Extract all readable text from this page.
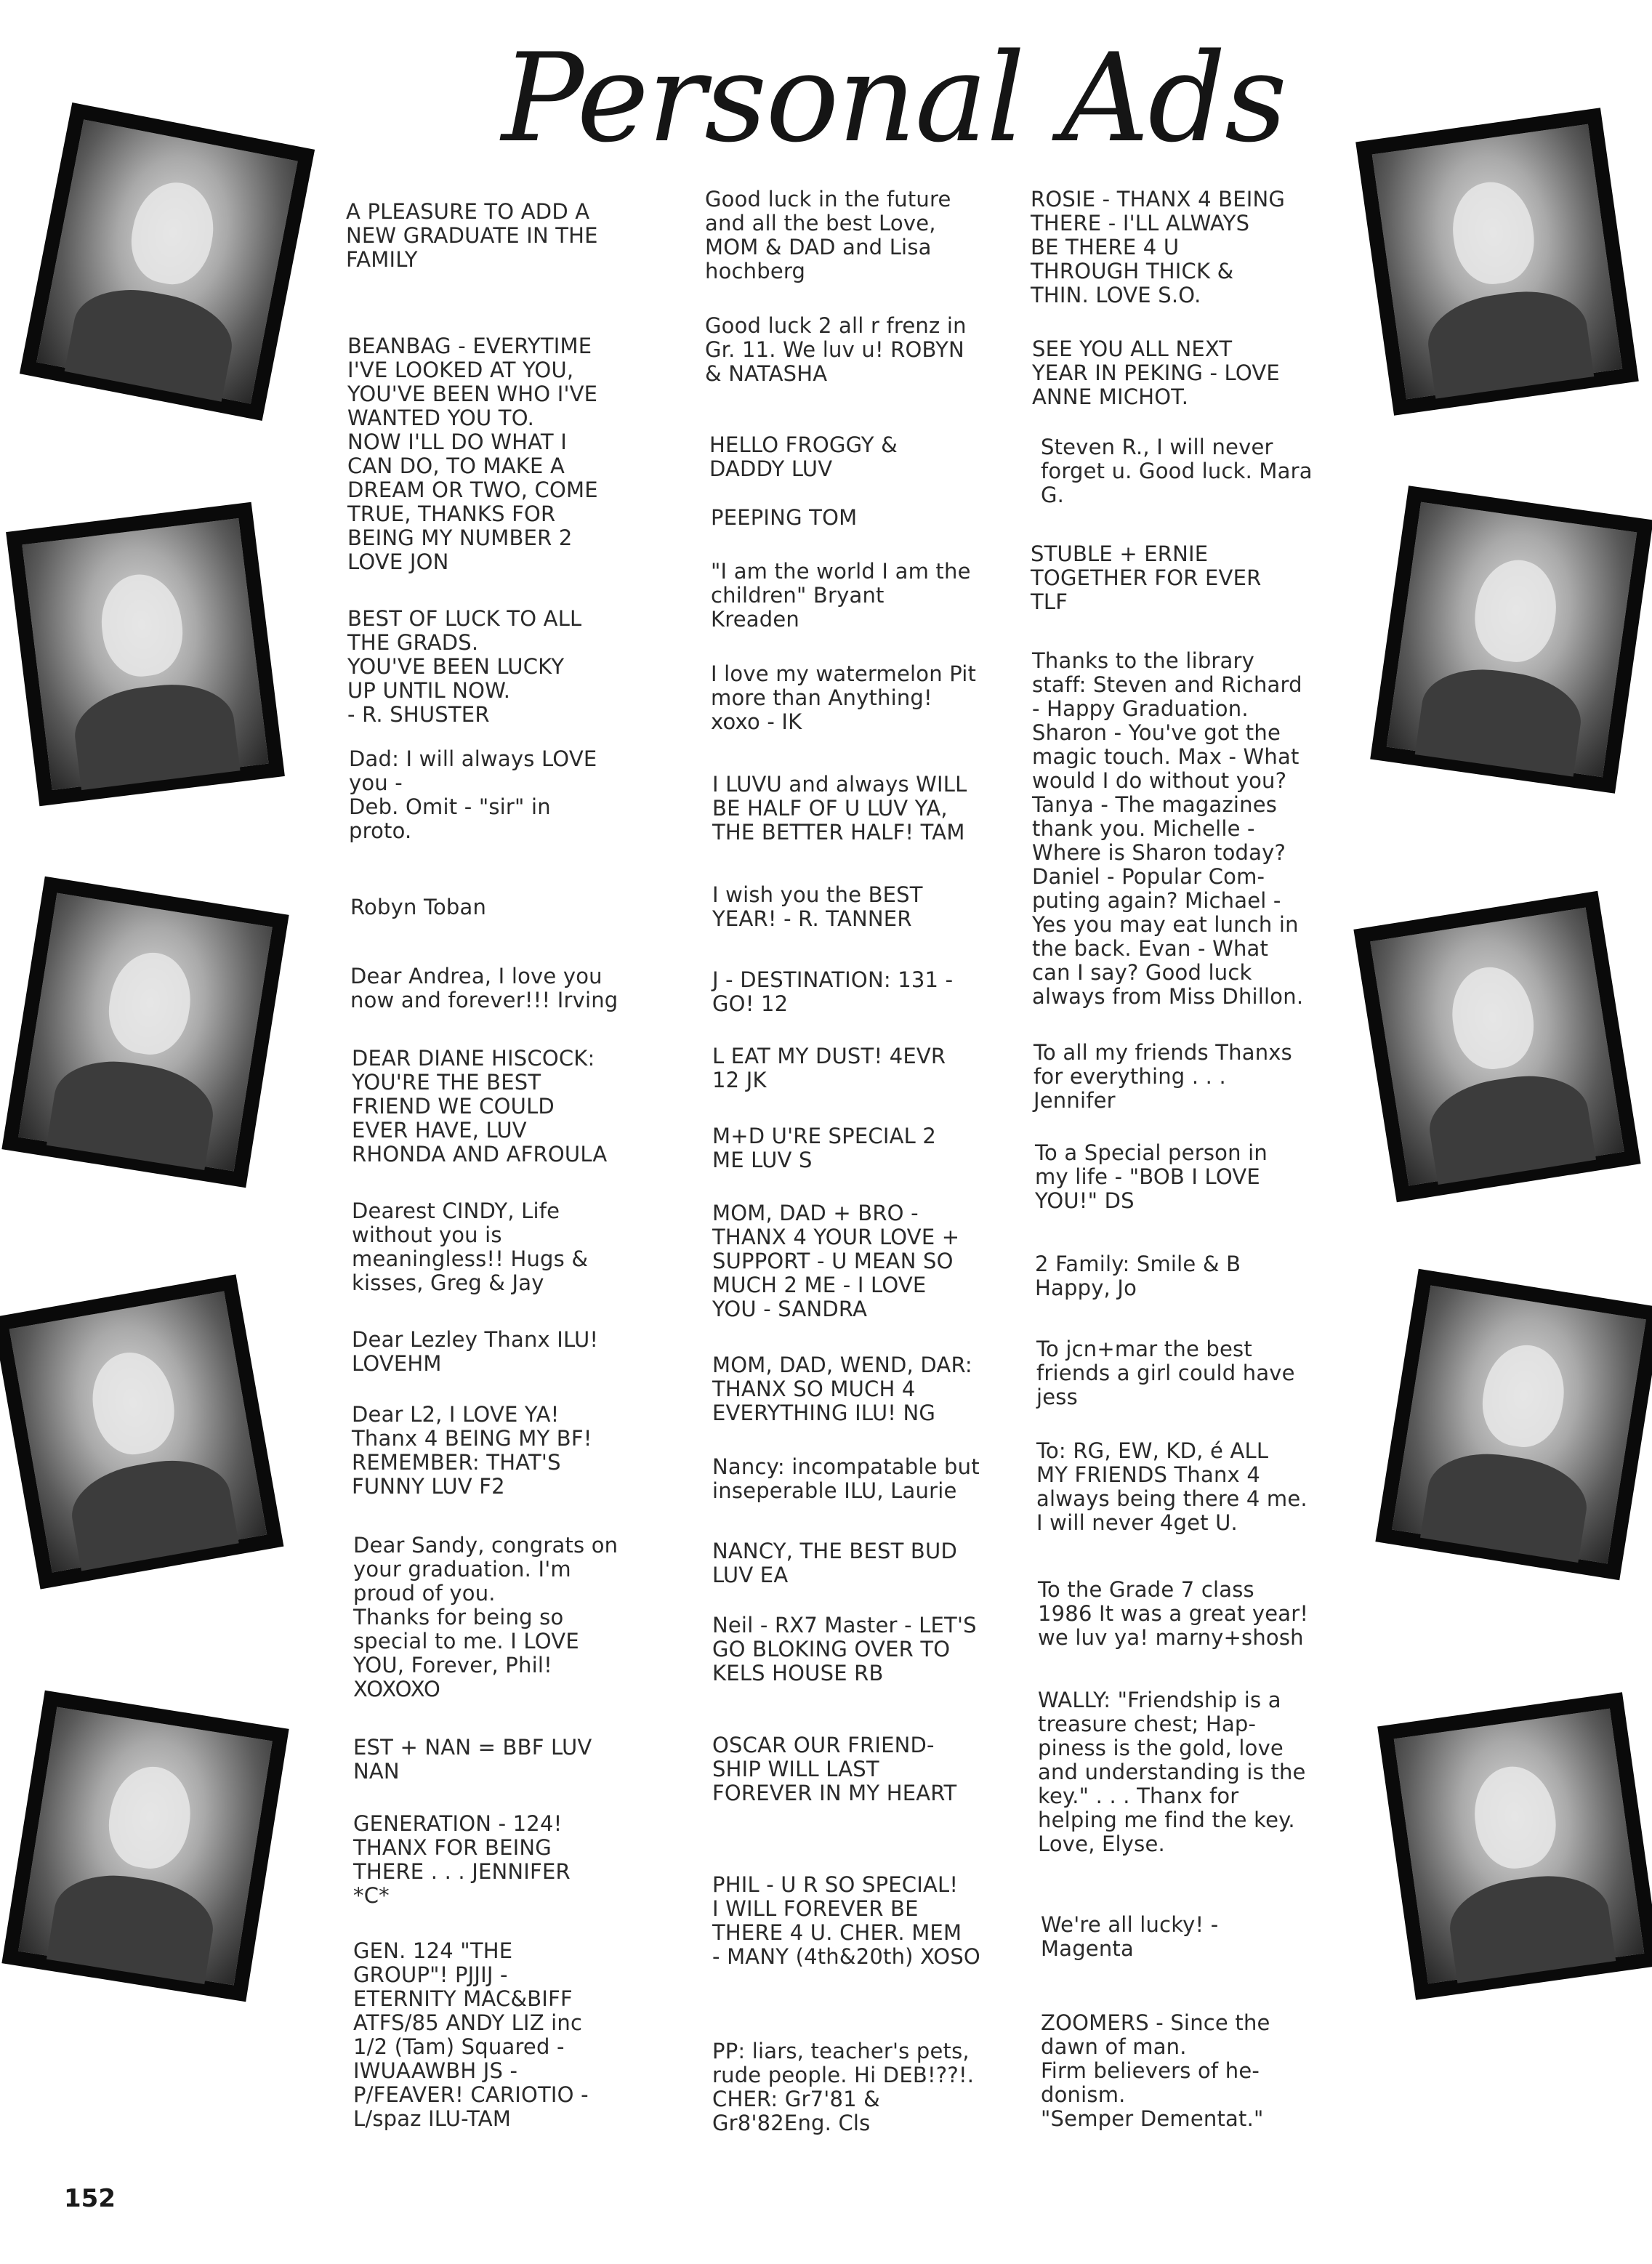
Personal Ads
A PLEASURE TO ADD A
NEW GRADUATE IN THE
FAMILY
BEANBAG - EVERYTIME
I'VE LOOKED AT YOU,
YOU'VE BEEN WHO I'VE
WANTED YOU TO.
NOW I'LL DO WHAT I
CAN DO, TO MAKE A
DREAM OR TWO, COME
TRUE, THANKS FOR
BEING MY NUMBER 2
LOVE JON
BEST OF LUCK TO ALL
THE GRADS.
YOU'VE BEEN LUCKY
UP UNTIL NOW.
- R. SHUSTER
Dad: I will always LOVE
you -
Deb. Omit - "sir" in
proto.
Robyn Toban
Dear Andrea, I love you
now and forever!!! Irving
DEAR DIANE HISCOCK:
YOU'RE THE BEST
FRIEND WE COULD
EVER HAVE, LUV
RHONDA AND AFROULA
Dearest CINDY, Life
without you is
meaningless!! Hugs &
kisses, Greg & Jay
Dear Lezley Thanx ILU!
LOVEHM
Dear L2, I LOVE YA!
Thanx 4 BEING MY BF!
REMEMBER: THAT'S
FUNNY LUV F2
Dear Sandy, congrats on
your graduation. I'm
proud of you.
Thanks for being so
special to me. I LOVE
YOU, Forever, Phil!
XOXOXO
EST + NAN = BBF LUV
NAN
GENERATION - 124!
THANX FOR BEING
THERE . . . JENNIFER
*C*
GEN. 124 "THE
GROUP"! PJJIJ -
ETERNITY MAC&BIFF
ATFS/85 ANDY LIZ inc
1/2 (Tam) Squared -
IWUAAWBH JS -
P/FEAVER! CARIOTIO -
L/spaz ILU-TAM
Good luck in the future
and all the best Love,
MOM & DAD and Lisa
hochberg
Good luck 2 all r frenz in
Gr. 11. We luv u! ROBYN
& NATASHA
HELLO FROGGY &
DADDY LUV
PEEPING TOM
"I am the world I am the
children" Bryant
Kreaden
I love my watermelon Pit
more than Anything!
xoxo - IK
I LUVU and always WILL
BE HALF OF U LUV YA,
THE BETTER HALF! TAM
I wish you the BEST
YEAR! - R. TANNER
J - DESTINATION: 131 -
GO! 12
L EAT MY DUST! 4EVR
12 JK
M+D U'RE SPECIAL 2
ME LUV S
MOM, DAD + BRO -
THANX 4 YOUR LOVE +
SUPPORT - U MEAN SO
MUCH 2 ME - I LOVE
YOU - SANDRA
MOM, DAD, WEND, DAR:
THANX SO MUCH 4
EVERYTHING ILU! NG
Nancy: incompatable but
inseperable ILU, Laurie
NANCY, THE BEST BUD
LUV EA
Neil - RX7 Master - LET'S
GO BLOKING OVER TO
KELS HOUSE RB
OSCAR OUR FRIEND-
SHIP WILL LAST
FOREVER IN MY HEART
PHIL - U R SO SPECIAL!
I WILL FOREVER BE
THERE 4 U. CHER. MEM
- MANY (4th&20th) XOSO
PP: liars, teacher's pets,
rude people. Hi DEB!??!.
CHER: Gr7'81 &
Gr8'82Eng. Cls
ROSIE - THANX 4 BEING
THERE - I'LL ALWAYS
BE THERE 4 U
THROUGH THICK &
THIN. LOVE S.O.
SEE YOU ALL NEXT
YEAR IN PEKING - LOVE
ANNE MICHOT.
Steven R., I will never
forget u. Good luck. Mara
G.
STUBLE + ERNIE
TOGETHER FOR EVER
TLF
Thanks to the library
staff: Steven and Richard
- Happy Graduation.
Sharon - You've got the
magic touch. Max - What
would I do without you?
Tanya - The magazines
thank you. Michelle -
Where is Sharon today?
Daniel - Popular Com-
puting again? Michael -
Yes you may eat lunch in
the back. Evan - What
can I say? Good luck
always from Miss Dhillon.
To all my friends Thanxs
for everything . . .
Jennifer
To a Special person in
my life - "BOB I LOVE
YOU!" DS
2 Family: Smile & B
Happy, Jo
To jcn+mar the best
friends a girl could have
jess
To: RG, EW, KD, é ALL
MY FRIENDS Thanx 4
always being there 4 me.
I will never 4get U.
To the Grade 7 class
1986 It was a great year!
we luv ya! marny+shosh
WALLY: "Friendship is a
treasure chest; Hap-
piness is the gold, love
and understanding is the
key." . . . Thanx for
helping me find the key.
Love, Elyse.
We're all lucky! -
Magenta
ZOOMERS - Since the
dawn of man.
Firm believers of he-
donism.
"Semper Dementat."
152
